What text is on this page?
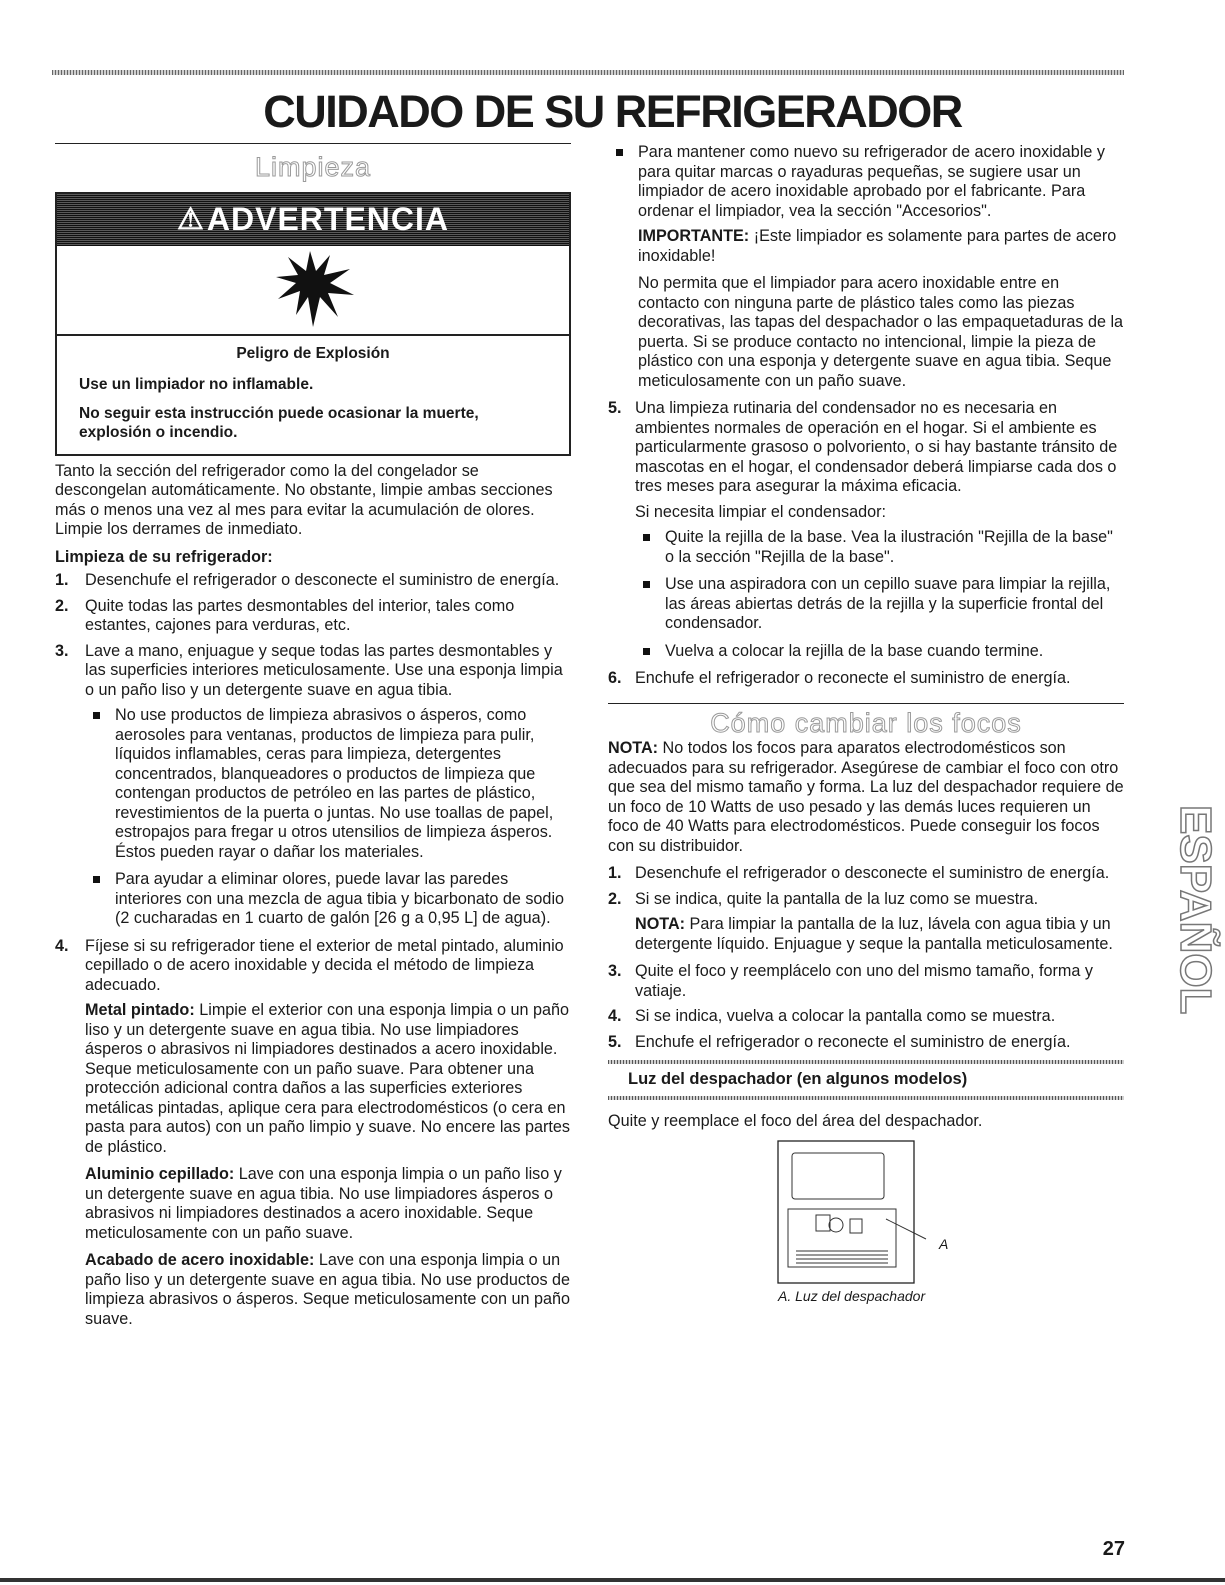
CUIDADO DE SU REFRIGERADOR
Limpieza
⚠ ADVERTENCIA
Peligro de Explosión

Use un limpiador no inflamable.

No seguir esta instrucción puede ocasionar la muerte, explosión o incendio.

Tanto la sección del refrigerador como la del congelador se descongelan automáticamente. No obstante, limpie ambas secciones más o menos una vez al mes para evitar la acumulación de olores. Limpie los derrames de inmediato.

Limpieza de su refrigerador:
1. Desenchufe el refrigerador o desconecte el suministro de energía.
2. Quite todas las partes desmontables del interior, tales como estantes, cajones para verduras, etc.
3. Lave a mano, enjuague y seque todas las partes desmontables y las superficies interiores meticulosamente. Use una esponja limpia o un paño liso y un detergente suave en agua tibia.
No use productos de limpieza abrasivos o ásperos, como aerosoles para ventanas, productos de limpieza para pulir, líquidos inflamables, ceras para limpieza, detergentes concentrados, blanqueadores o productos de limpieza que contengan productos de petróleo en las partes de plástico, revestimientos de la puerta o juntas. No use toallas de papel, estropajos para fregar u otros utensilios de limpieza ásperos. Éstos pueden rayar o dañar los materiales.
Para ayudar a eliminar olores, puede lavar las paredes interiores con una mezcla de agua tibia y bicarbonato de sodio (2 cucharadas en 1 cuarto de galón [26 g a 0,95 L] de agua).
4. Fíjese si su refrigerador tiene el exterior de metal pintado, aluminio cepillado o de acero inoxidable y decida el método de limpieza adecuado.

Metal pintado: Limpie el exterior con una esponja limpia o un paño liso y un detergente suave en agua tibia. No use limpiadores ásperos o abrasivos ni limpiadores destinados a acero inoxidable. Seque meticulosamente con un paño suave. Para obtener una protección adicional contra daños a las superficies exteriores metálicas pintadas, aplique cera para electrodomésticos (o cera en pasta para autos) con un paño limpio y suave. No encere las partes de plástico.

Aluminio cepillado: Lave con una esponja limpia o un paño liso y un detergente suave en agua tibia. No use limpiadores ásperos o abrasivos ni limpiadores destinados a acero inoxidable. Seque meticulosamente con un paño suave.

Acabado de acero inoxidable: Lave con una esponja limpia o un paño liso y un detergente suave en agua tibia. No use productos de limpieza abrasivos o ásperos. Seque meticulosamente con un paño suave.

Para mantener como nuevo su refrigerador de acero inoxidable y para quitar marcas o rayaduras pequeñas, se sugiere usar un limpiador de acero inoxidable aprobado por el fabricante. Para ordenar el limpiador, vea la sección "Accesorios".

IMPORTANTE: ¡Este limpiador es solamente para partes de acero inoxidable!

No permita que el limpiador para acero inoxidable entre en contacto con ninguna parte de plástico tales como las piezas decorativas, las tapas del despachador o las empaquetaduras de la puerta. Si se produce contacto no intencional, limpie la pieza de plástico con una esponja y detergente suave en agua tibia. Seque meticulosamente con un paño suave.

5. Una limpieza rutinaria del condensador no es necesaria en ambientes normales de operación en el hogar. Si el ambiente es particularmente grasoso o polvoriento, o si hay bastante tránsito de mascotas en el hogar, el condensador deberá limpiarse cada dos o tres meses para asegurar la máxima eficacia.

Si necesita limpiar el condensador:

Quite la rejilla de la base. Vea la ilustración "Rejilla de la base" o la sección "Rejilla de la base".
Use una aspiradora con un cepillo suave para limpiar la rejilla, las áreas abiertas detrás de la rejilla y la superficie frontal del condensador.
Vuelva a colocar la rejilla de la base cuando termine.
6. Enchufe el refrigerador o reconecte el suministro de energía.
Cómo cambiar los focos

NOTA: No todos los focos para aparatos electrodomésticos son adecuados para su refrigerador. Asegúrese de cambiar el foco con otro que sea del mismo tamaño y forma. La luz del despachador requiere de un foco de 10 Watts de uso pesado y las demás luces requieren un foco de 40 Watts para electrodomésticos. Puede conseguir los focos con su distribuidor.

1. Desenchufe el refrigerador o desconecte el suministro de energía.
2. Si se indica, quite la pantalla de la luz como se muestra.

NOTA: Para limpiar la pantalla de la luz, lávela con agua tibia y un detergente líquido. Enjuague y seque la pantalla meticulosamente.

3. Quite el foco y reemplácelo con uno del mismo tamaño, forma y vatiaje.
4. Si se indica, vuelva a colocar la pantalla como se muestra.
5. Enchufe el refrigerador o reconecte el suministro de energía.
Luz del despachador (en algunos modelos)

Quite y reemplace el foco del área del despachador.

A
A. Luz del despachador
ESPAÑOL
27
